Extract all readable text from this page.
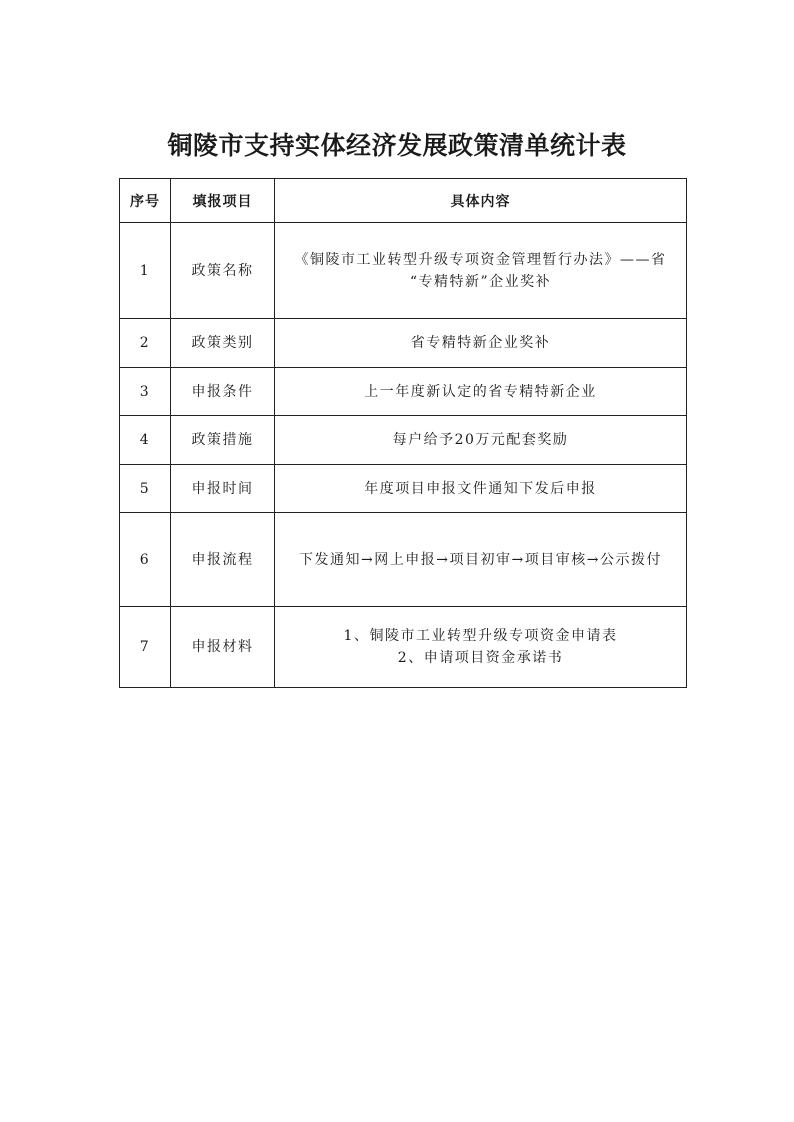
铜陵市支持实体经济发展政策清单统计表
序号	填报项目	具体内容
1	政策名称	《铜陵市工业转型升级专项资金管理暂行办法》——省
“专精特新”企业奖补

2	政策类别	省专精特新企业奖补
3	申报条件	上一年度新认定的省专精特新企业
4	政策措施	每户给予20万元配套奖励
5	申报时间	年度项目申报文件通知下发后申报
6	申报流程	下发通知→网上申报→项目初审→项目审核→公示拨付
7	申报材料	1、铜陵市工业转型升级专项资金申请表
2、申请项目资金承诺书
